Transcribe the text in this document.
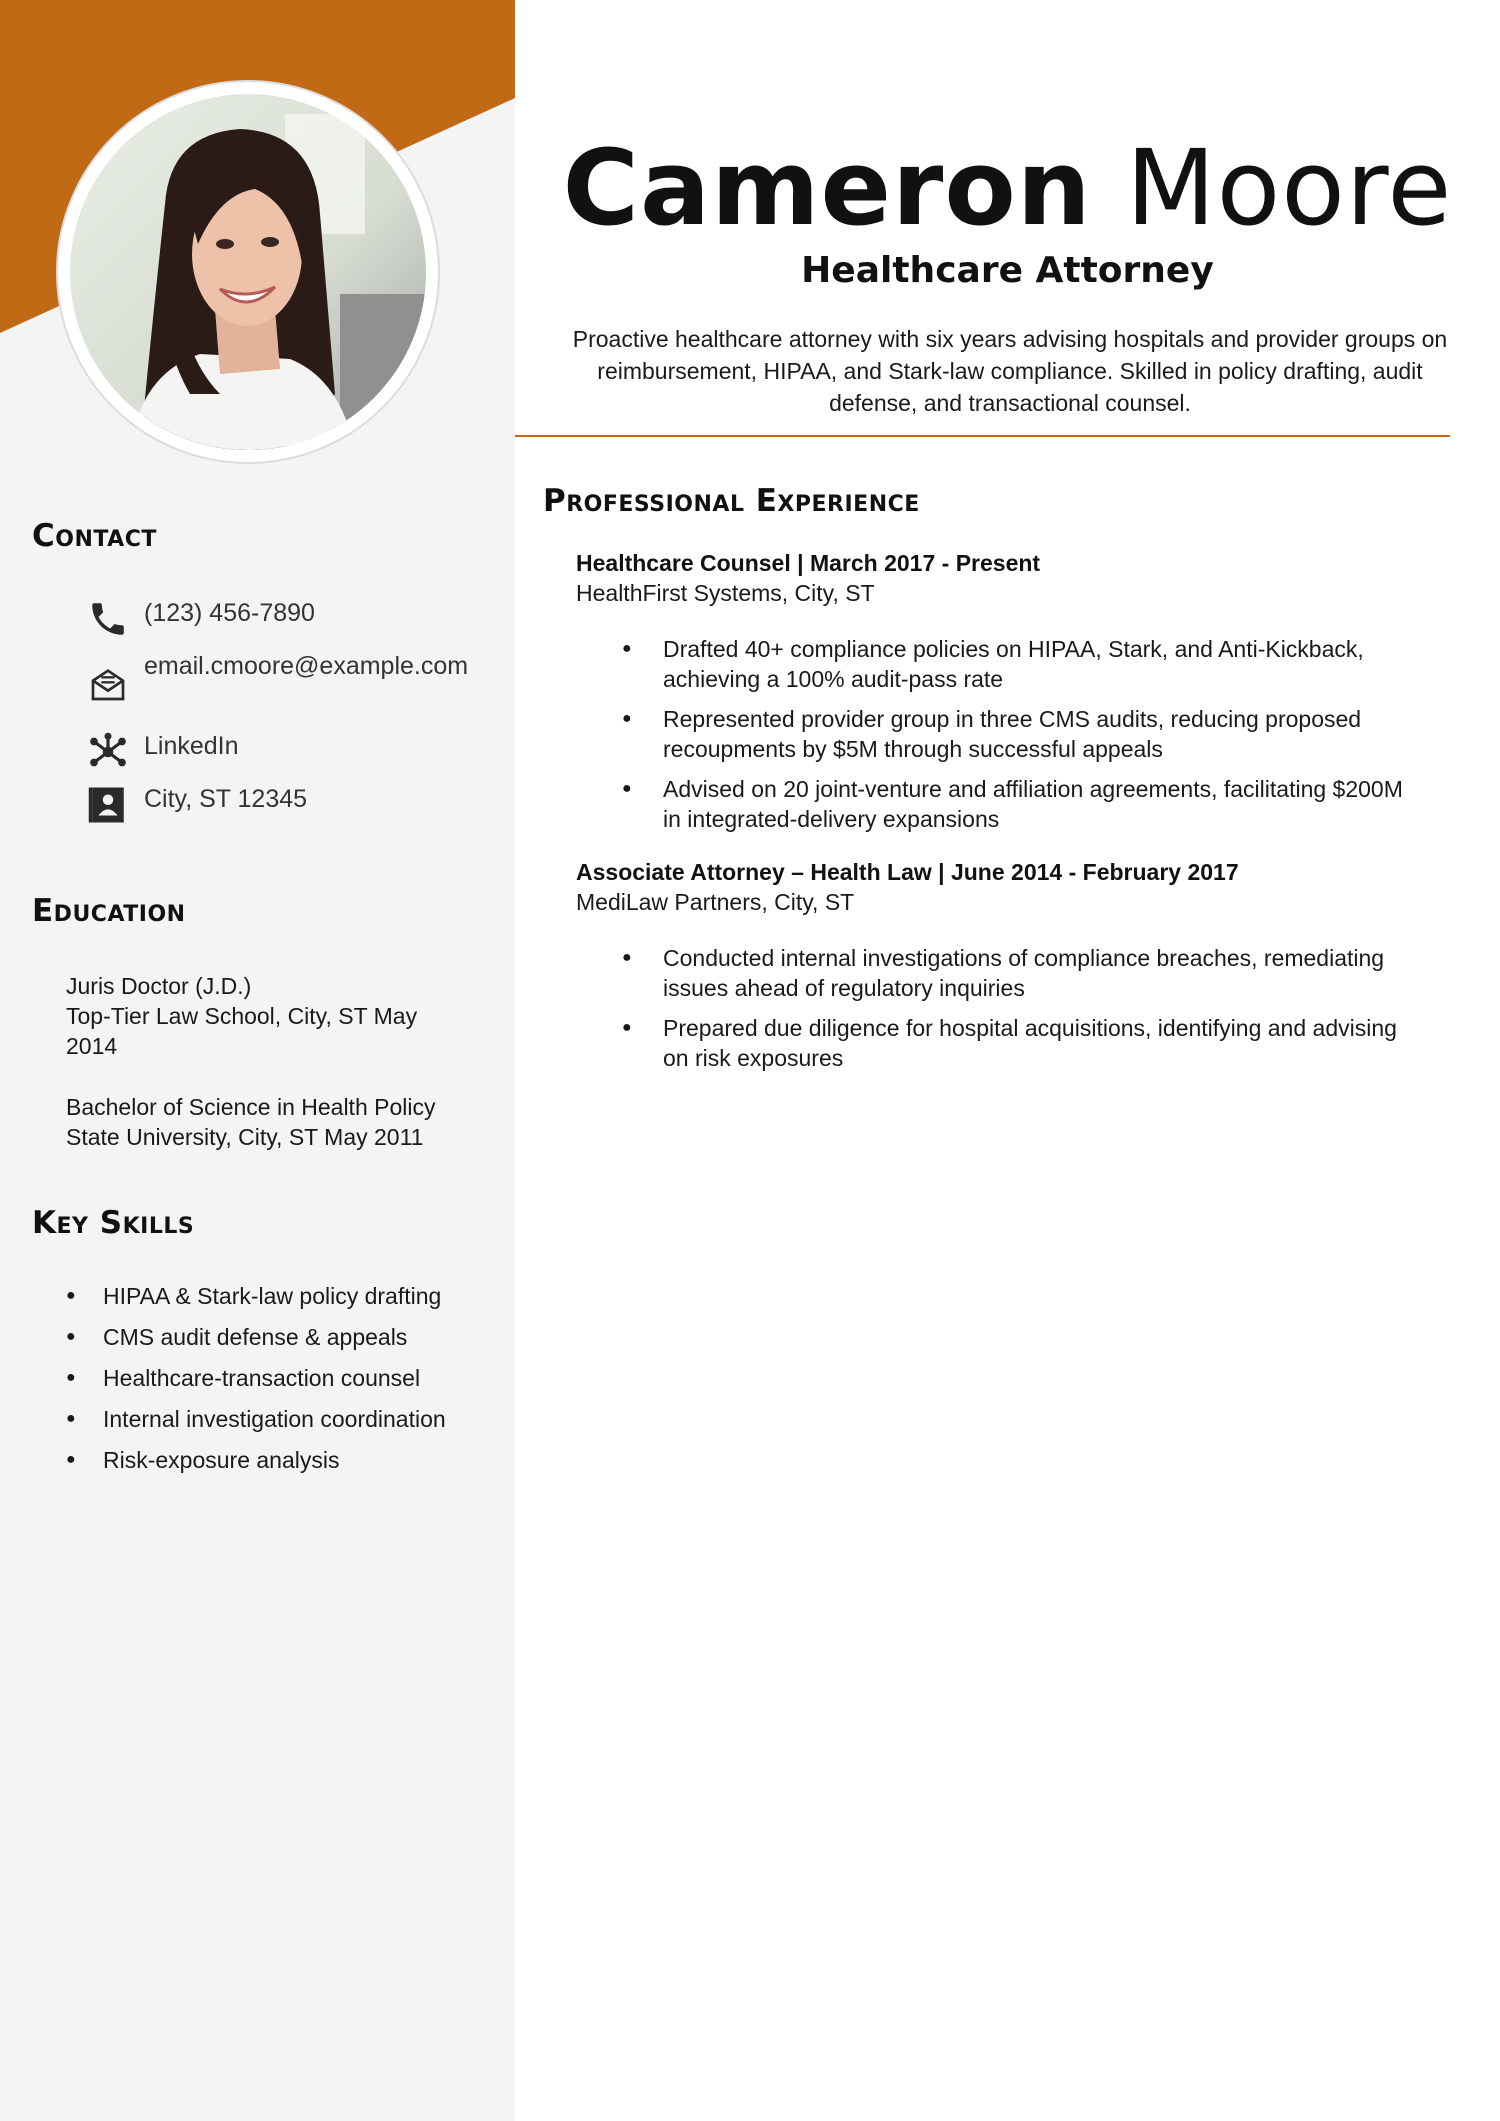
Contact
(123) 456-7890
email.cmoore@example.com
LinkedIn
City, ST 12345
Education
Juris Doctor (J.D.)
Top-Tier Law School, City, ST May 2014
Bachelor of Science in Health Policy
State University, City, ST May 2011
Key Skills
● HIPAA & Stark-law policy drafting
● CMS audit defense & appeals
● Healthcare-transaction counsel
● Internal investigation coordination
● Risk-exposure analysis
Cameron Moore
Healthcare Attorney
Proactive healthcare attorney with six years advising hospitals and provider groups on reimbursement, HIPAA, and Stark-law compliance. Skilled in policy drafting, audit defense, and transactional counsel.
Professional Experience
Healthcare Counsel | March 2017 - Present
HealthFirst Systems, City, ST
● Drafted 40+ compliance policies on HIPAA, Stark, and Anti-Kickback, achieving a 100% audit-pass rate
● Represented provider group in three CMS audits, reducing proposed recoupments by $5M through successful appeals
● Advised on 20 joint-venture and affiliation agreements, facilitating $200M in integrated-delivery expansions
Associate Attorney – Health Law | June 2014 - February 2017
MediLaw Partners, City, ST
● Conducted internal investigations of compliance breaches, remediating issues ahead of regulatory inquiries
● Prepared due diligence for hospital acquisitions, identifying and advising on risk exposures
